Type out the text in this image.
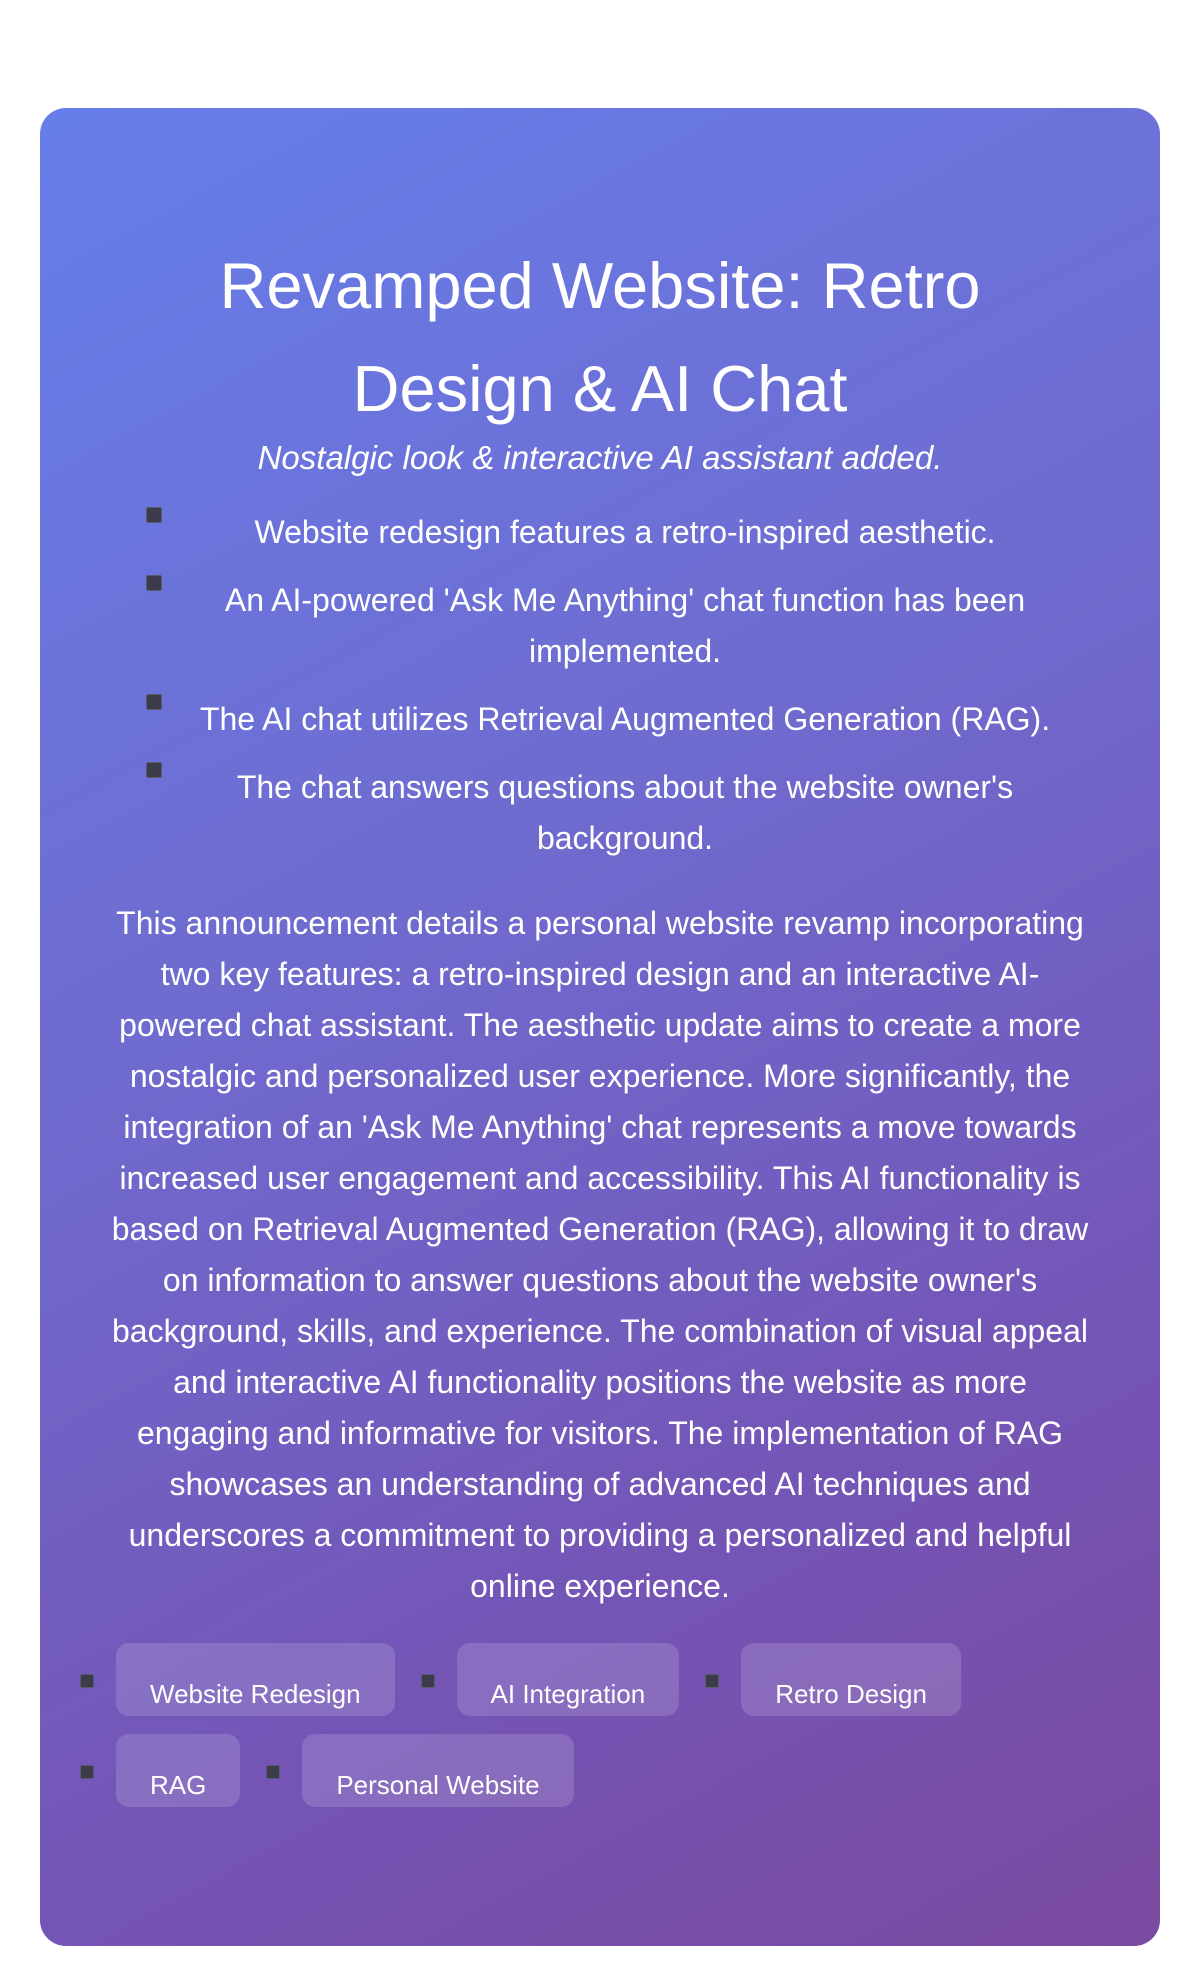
Revamped Website: Retro Design & AI Chat

Nostalgic look & interactive AI assistant added.

Website redesign features a retro-inspired aesthetic.
An AI-powered 'Ask Me Anything' chat function has been implemented.
The AI chat utilizes Retrieval Augmented Generation (RAG).
The chat answers questions about the website owner's background.

This announcement details a personal website revamp incorporating two key features: a retro-inspired design and an interactive AI-powered chat assistant. The aesthetic update aims to create a more nostalgic and personalized user experience. More significantly, the integration of an 'Ask Me Anything' chat represents a move towards increased user engagement and accessibility. This AI functionality is based on Retrieval Augmented Generation (RAG), allowing it to draw on information to answer questions about the website owner's background, skills, and experience. The combination of visual appeal and interactive AI functionality positions the website as more engaging and informative for visitors. The implementation of RAG showcases an understanding of advanced AI techniques and underscores a commitment to providing a personalized and helpful online experience.

Website Redesign	AI Integration	Retro Design
RAG	Personal Website
